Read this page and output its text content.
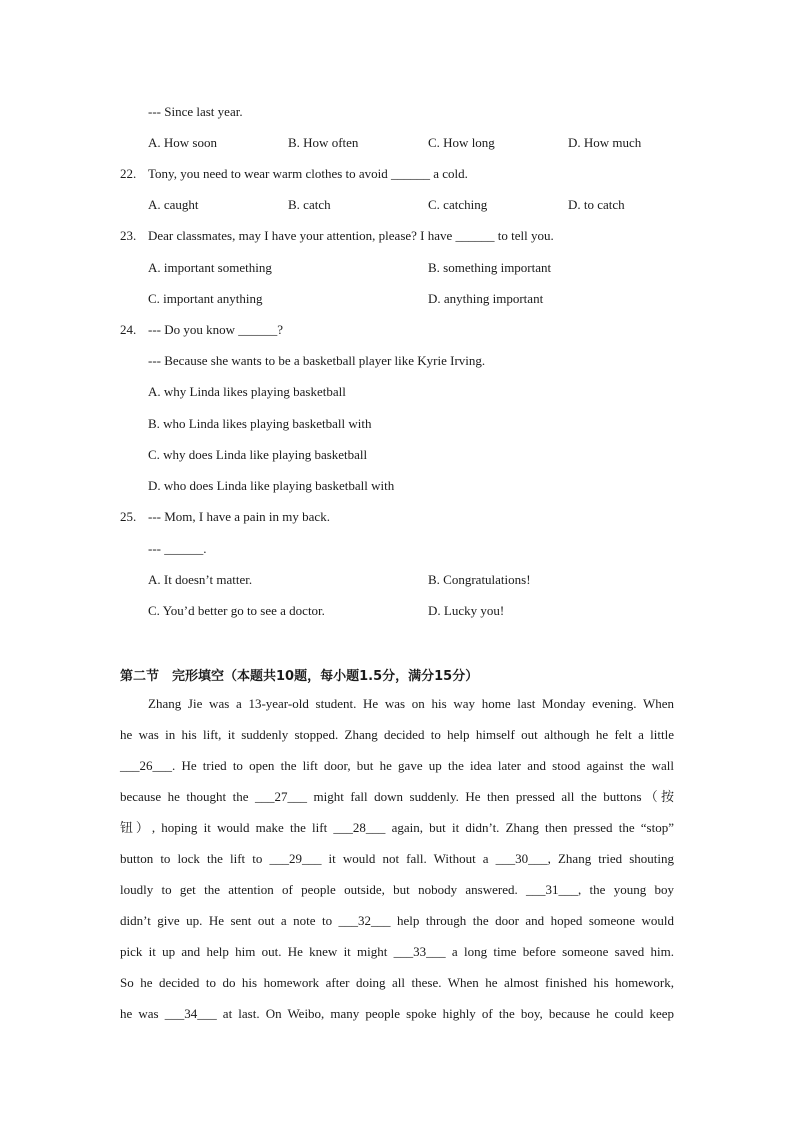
--- Since last year.
A. How soon	B. How often	C. How long	D. How much
22. Tony, you need to wear warm clothes to avoid ______ a cold.
A. caught	B. catch	C. catching	D. to catch
23. Dear classmates, may I have your attention, please? I have ______ to tell you.
A. important something	B. something important
C. important anything	D. anything important
24. --- Do you know ______?
--- Because she wants to be a basketball player like Kyrie Irving.
A. why Linda likes playing basketball
B. who Linda likes playing basketball with
C. why does Linda like playing basketball
D. who does Linda like playing basketball with
25. --- Mom, I have a pain in my back.
--- ______.
A. It doesn’t matter.	B. Congratulations!
C. You’d better go to see a doctor.	D. Lucky you!
第二节　完形填空（本题共10题，每小题1.5分，满分15分）
Zhang Jie was a 13-year-old student. He was on his way home last Monday evening. When
he was in his lift, it suddenly stopped. Zhang decided to help himself out although he felt a little
___26___. He tried to open the lift door, but he gave up the idea later and stood against the wall
because he thought the ___27___ might fall down suddenly. He then pressed all the buttons（按
钮）, hoping it would make the lift ___28___ again, but it didn’t. Zhang then pressed the “stop”
button to lock the lift to ___29___ it would not fall. Without a ___30___, Zhang tried shouting
loudly to get the attention of people outside, but nobody answered. ___31___, the young boy
didn’t give up. He sent out a note to ___32___ help through the door and hoped someone would
pick it up and help him out. He knew it might ___33___ a long time before someone saved him.
So he decided to do his homework after doing all these. When he almost finished his homework,
he was ___34___ at last. On Weibo, many people spoke highly of the boy, because he could keep
